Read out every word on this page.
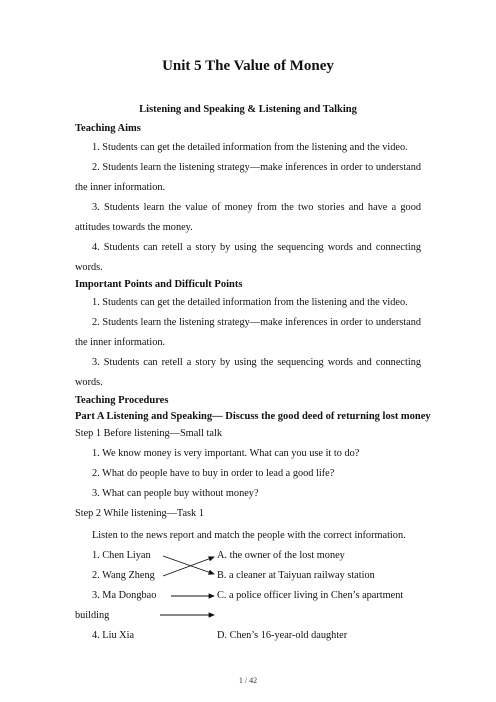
Unit 5 The Value of Money
Listening and Speaking & Listening and Talking
Teaching Aims
1. Students can get the detailed information from the listening and the video.
2. Students learn the listening strategy—make inferences in order to understand the inner information.
3. Students learn the value of money from the two stories and have a good attitudes towards the money.
4. Students can retell a story by using the sequencing words and connecting words.
Important Points and Difficult Points
1. Students can get the detailed information from the listening and the video.
2. Students learn the listening strategy—make inferences in order to understand the inner information.
3. Students can retell a story by using the sequencing words and connecting words.
Teaching Procedures
Part A Listening and Speaking— Discuss the good deed of returning lost money
Step 1 Before listening—Small talk
1. We know money is very important. What can you use it to do?
2. What do people have to buy in order to lead a good life?
3. What can people buy without money?
Step 2 While listening—Task 1
Listen to the news report and match the people with the correct information.
1. Chen Liyan
2. Wang Zheng
3. Ma Dongbao
4. Liu Xia
A. the owner of the lost money
B. a cleaner at Taiyuan railway station
C. a police officer living in Chen’s apartment
building
D. Chen’s 16-year-old daughter
1 / 42
